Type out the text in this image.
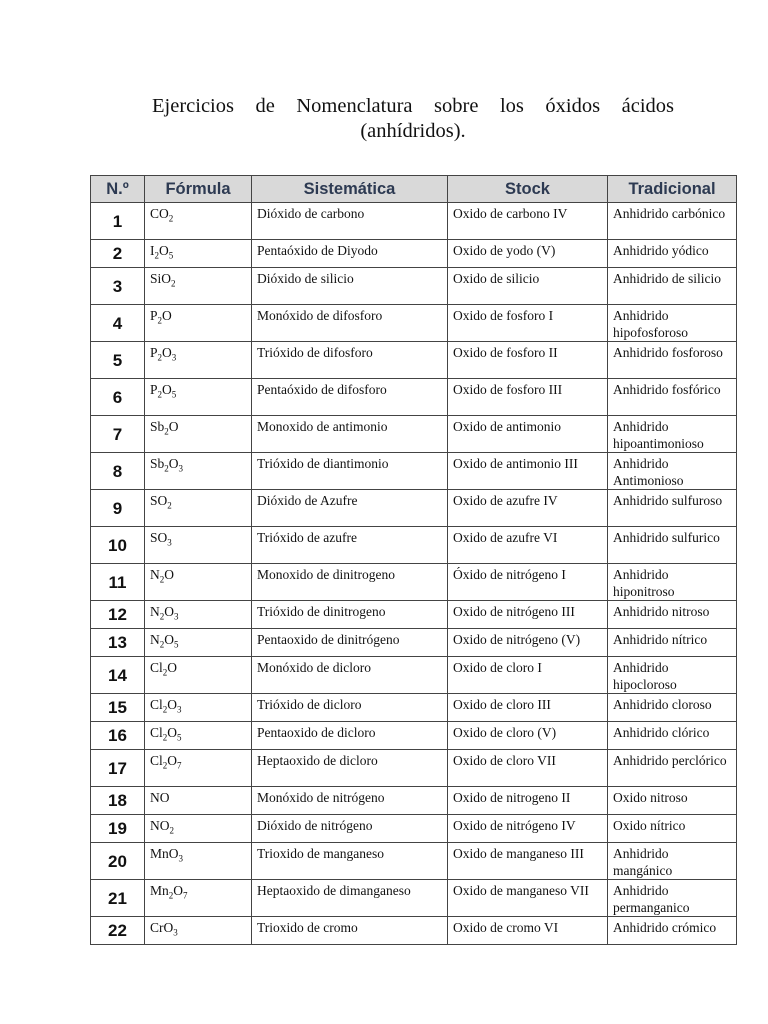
Ejercicios de Nomenclatura sobre los óxidos ácidos
(anhídridos).
N.º	Fórmula	Sistemática	Stock	Tradicional
1	$CO_2$	Dióxido de carbono	Oxido de carbono IV	Anhidrido carbónico
2	$I_2O_5$	Pentaóxido de Diyodo	Oxido de yodo (V)	Anhidrido yódico
3	SiO$_2$	Dióxido de silicio	Oxido de silicio	Anhidrido de silicio
4	$P_2O$	Monóxido de difosforo	Oxido de fosforo I	Anhidrido hipofosforoso
5	$P_2O_3$	Trióxido de difosforo	Oxido de fosforo II	Anhidrido fosforoso
6	$P_2O_5$	Pentaóxido de difosforo	Oxido de fosforo III	Anhidrido fosfórico
7	$Sb_2O$	Monoxido de antimonio	Oxido de antimonio	Anhidrido hipoantimonioso
8	$Sb_2O_3$	Trióxido de diantimonio	Oxido de antimonio III	Anhidrido Antimonioso
9	$SO_2$	Dióxido de Azufre	Oxido de azufre IV	Anhidrido sulfuroso
10	$SO_3$	Trióxido de azufre	Oxido de azufre VI	Anhidrido sulfurico
11	$N_2O$	Monoxido de dinitrogeno	Óxido de nitrógeno I	Anhidrido hiponitroso
12	$N_2O_3$	Trióxido de dinitrogeno	Oxido de nitrógeno III	Anhidrido nitroso
13	$N_2O_5$	Pentaoxido de dinitrógeno	Oxido de nitrógeno (V)	Anhidrido nítrico
14	$Cl_2O$	Monóxido de dicloro	Oxido de cloro I	Anhidrido hipocloroso
15	$Cl_2O_3$	Trióxido de dicloro	Oxido de cloro III	Anhidrido cloroso
16	$Cl_2O_5$	Pentaoxido de dicloro	Oxido de cloro (V)	Anhidrido clórico
17	$Cl_2O_7$	Heptaoxido de dicloro	Oxido de cloro VII	Anhidrido perclórico
18	NO	Monóxido de nitrógeno	Oxido de nitrogeno II	Oxido nitroso
19	$NO_2$	Dióxido de nitrógeno	Oxido de nitrógeno IV	Oxido nítrico
20	MnO$_3$	Trioxido de manganeso	Oxido de manganeso III	Anhidrido mangánico
21	$Mn_2O_7$	Heptaoxido de dimanganeso	Oxido de manganeso VII	Anhidrido permanganico
22	CrO$_3$	Trioxido de cromo	Oxido de cromo VI	Anhidrido crómico
